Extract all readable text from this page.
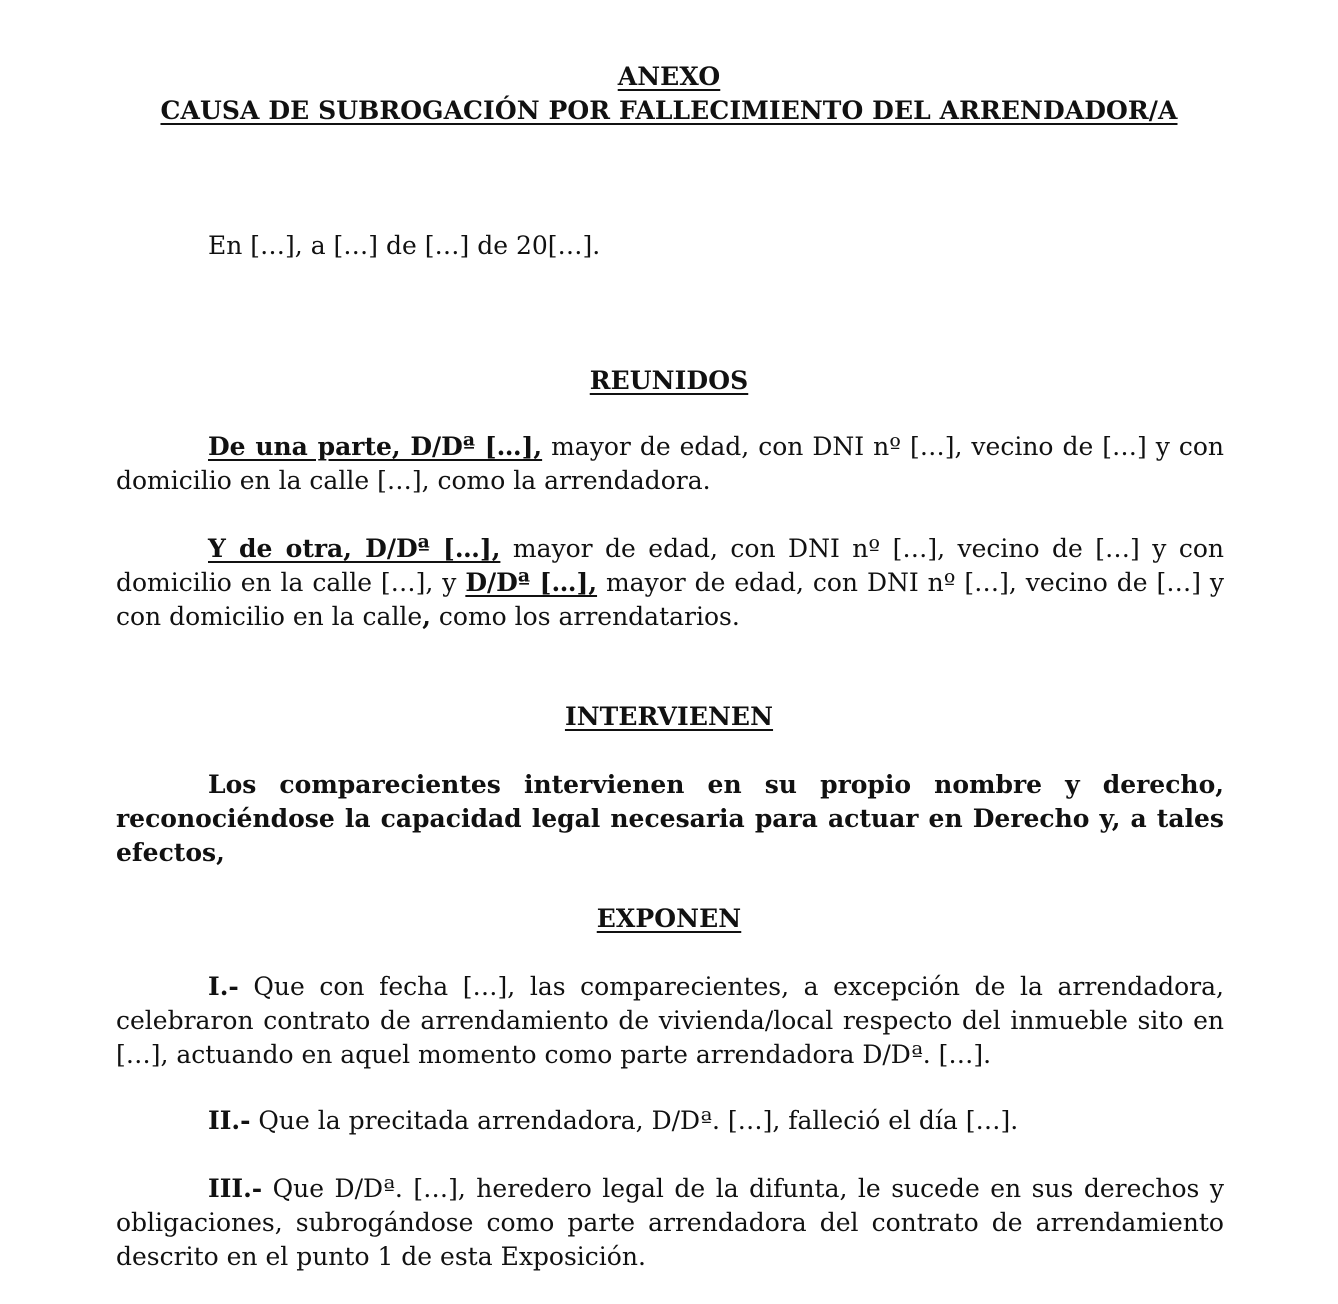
ANEXO
CAUSA DE SUBROGACIÓN POR FALLECIMIENTO DEL ARRENDADOR/A
En […], a […] de […] de 20[…].
REUNIDOS

De una parte, D/Dª […], mayor de edad, con DNI nº […], vecino de […] y con domicilio en la calle […], como la arrendadora.

Y de otra, D/Dª […], mayor de edad, con DNI nº […], vecino de […] y con domicilio en la calle […], y D/Dª […], mayor de edad, con DNI nº […], vecino de […] y con domicilio en la calle, como los arrendatarios.

INTERVIENEN

Los comparecientes intervienen en su propio nombre y derecho, reconociéndose la capacidad legal necesaria para actuar en Derecho y, a tales efectos,

EXPONEN

I.- Que con fecha […], las comparecientes, a excepción de la arrendadora, celebraron contrato de arrendamiento de vivienda/local respecto del inmueble sito en […], actuando en aquel momento como parte arrendadora D/Dª. […].

II.- Que la precitada arrendadora, D/Dª. […], falleció el día […].

III.- Que D/Dª. […], heredero legal de la difunta, le sucede en sus derechos y obligaciones, subrogándose como parte arrendadora del contrato de arrendamiento descrito en el punto 1 de esta Exposición.
